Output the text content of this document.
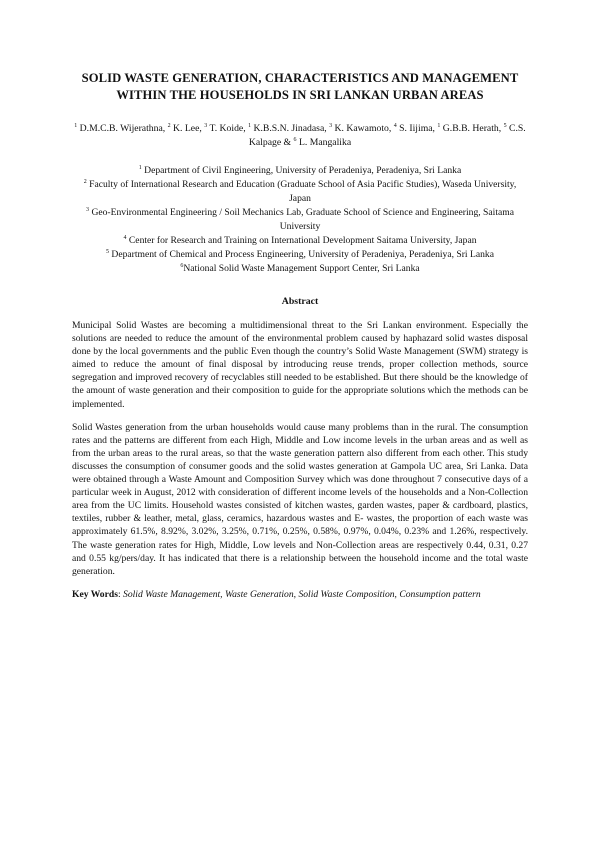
SOLID WASTE GENERATION, CHARACTERISTICS AND MANAGEMENT WITHIN THE HOUSEHOLDS IN SRI LANKAN URBAN AREAS
$^1$ D.M.C.B. Wijerathna, $^2$ K. Lee, $^3$ T. Koide, $^1$ K.B.S.N. Jinadasa, $^3$ K. Kawamoto, $^4$ S. Iijima, $^1$ G.B.B. Herath, $^5$ C.S. Kalpage & $^6$ L. Mangalika
$^1$ Department of Civil Engineering, University of Peradeniya, Peradeniya, Sri Lanka
$^2$ Faculty of International Research and Education (Graduate School of Asia Pacific Studies), Waseda University, Japan
$^3$ Geo-Environmental Engineering / Soil Mechanics Lab, Graduate School of Science and Engineering, Saitama University
$^4$ Center for Research and Training on International Development Saitama University, Japan
$^5$ Department of Chemical and Process Engineering, University of Peradeniya, Peradeniya, Sri Lanka
$^6$National Solid Waste Management Support Center, Sri Lanka
Abstract
Municipal Solid Wastes are becoming a multidimensional threat to the Sri Lankan environment. Especially the solutions are needed to reduce the amount of the environmental problem caused by haphazard solid wastes disposal done by the local governments and the public Even though the country’s Solid Waste Management (SWM) strategy is aimed to reduce the amount of final disposal by introducing reuse trends, proper collection methods, source segregation and improved recovery of recyclables still needed to be established. But there should be the knowledge of the amount of waste generation and their composition to guide for the appropriate solutions which the methods can be implemented.
Solid Wastes generation from the urban households would cause many problems than in the rural. The consumption rates and the patterns are different from each High, Middle and Low income levels in the urban areas and as well as from the urban areas to the rural areas, so that the waste generation pattern also different from each other. This study discusses the consumption of consumer goods and the solid wastes generation at Gampola UC area, Sri Lanka. Data were obtained through a Waste Amount and Composition Survey which was done throughout 7 consecutive days of a particular week in August, 2012 with consideration of different income levels of the households and a Non-Collection area from the UC limits. Household wastes consisted of kitchen wastes, garden wastes, paper & cardboard, plastics, textiles, rubber & leather, metal, glass, ceramics, hazardous wastes and E- wastes, the proportion of each waste was approximately 61.5%, 8.92%, 3.02%, 3.25%, 0.71%, 0.25%, 0.58%, 0.97%, 0.04%, 0.23% and 1.26%, respectively. The waste generation rates for High, Middle, Low levels and Non-Collection areas are respectively 0.44, 0.31, 0.27 and 0.55 kg/pers/day. It has indicated that there is a relationship between the household income and the total waste generation.
Key Words: Solid Waste Management, Waste Generation, Solid Waste Composition, Consumption pattern
